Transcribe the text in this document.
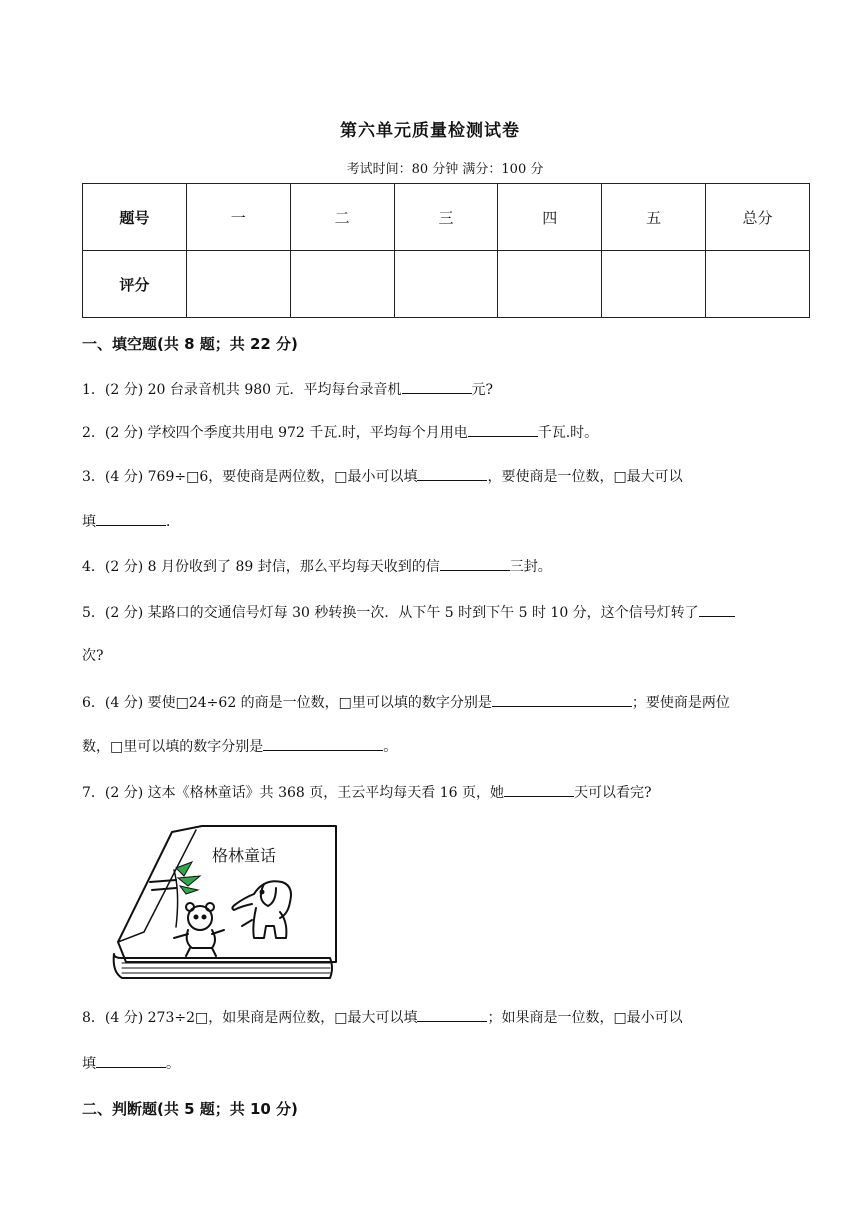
第六单元质量检测试卷
考试时间：80 分钟 满分：100 分
题号	一	二	三	四	五	总分
评分						
一、填空题(共 8 题；共 22 分)
1．(2 分) 20 台录音机共 980 元．平均每台录音机	元?
2．(2 分) 学校四个季度共用电 972 千瓦.时，平均每个月用电	千瓦.时。
3．(4 分) 769÷□6，要使商是两位数，□最小可以填	，要使商是一位数，□最大可以
填	．
4．(2 分) 8 月份收到了 89 封信，那么平均每天收到的信	三封。
5．(2 分) 某路口的交通信号灯每 30 秒转换一次．从下午 5 时到下午 5 时 10 分，这个信号灯转了
次?
6．(4 分) 要使□24÷62 的商是一位数，□里可以填的数字分别是	；要使商是两位
数，□里可以填的数字分别是	。
7．(2 分) 这本《格林童话》共 368 页，王云平均每天看 16 页，她	天可以看完?
格林童话
8．(4 分) 273÷2□，如果商是两位数，□最大可以填	；如果商是一位数，□最小可以
填	。
二、判断题(共 5 题；共 10 分)
